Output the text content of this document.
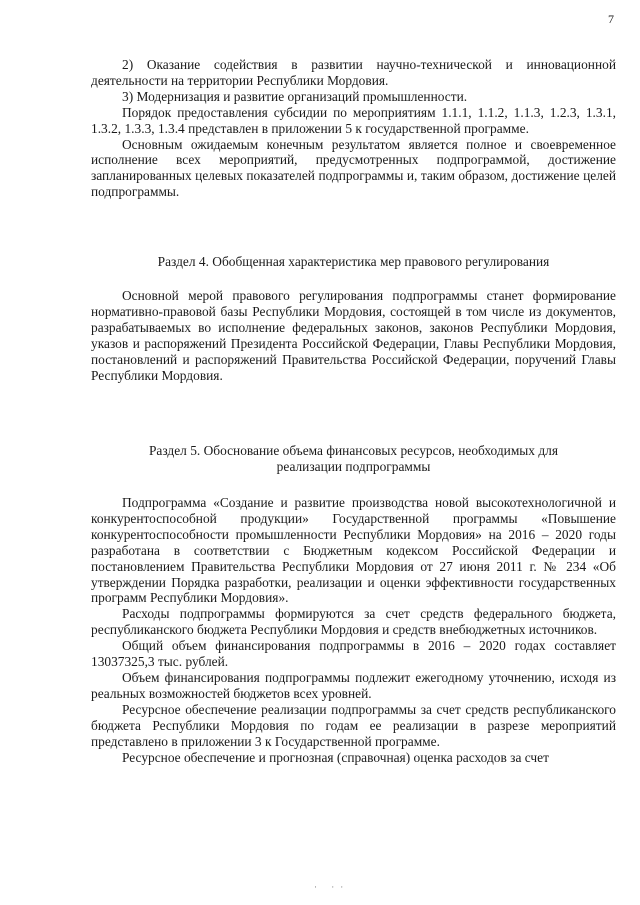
7

2) Оказание содействия в развитии научно-технической и инновационной деятельности на территории Республики Мордовия.

3) Модернизация и развитие организаций промышленности.

Порядок предоставления субсидии по мероприятиям 1.1.1, 1.1.2, 1.1.3, 1.2.3, 1.3.1, 1.3.2, 1.3.3, 1.3.4 представлен в приложении 5 к государственной программе.

Основным ожидаемым конечным результатом является полное и своевременное исполнение всех мероприятий, предусмотренных подпрограммой, достижение запланированных целевых показателей подпрограммы и, таким образом, достижение целей подпрограммы.

Раздел 4. Обобщенная характеристика мер правового регулирования

Основной мерой правового регулирования подпрограммы станет формирование нормативно-правовой базы Республики Мордовия, состоящей в том числе из документов, разрабатываемых во исполнение федеральных законов, законов Республики Мордовия, указов и распоряжений Президента Российской Федерации, Главы Республики Мордовия, постановлений и распоряжений Правительства Российской Федерации, поручений Главы Республики Мордовия.

Раздел 5. Обоснование объема финансовых ресурсов, необходимых для

реализации подпрограммы

Подпрограмма «Создание и развитие производства новой высокотехнологичной и конкурентоспособной продукции» Государственной программы «Повышение конкурентоспособности промышленности Республики Мордовия» на 2016 – 2020 годы разработана в соответствии с Бюджетным кодексом Российской Федерации и постановлением Правительства Республики Мордовия от 27 июня 2011 г. № 234 «Об утверждении Порядка разработки, реализации и оценки эффективности государственных программ Республики Мордовия».

Расходы подпрограммы формируются за счет средств федерального бюджета, республиканского бюджета Республики Мордовия и средств внебюджетных источников.

Общий объем финансирования подпрограммы в 2016 – 2020 годах составляет 13037325,3 тыс. рублей.

Объем финансирования подпрограммы подлежит ежегодному уточнению, исходя из реальных возможностей бюджетов всех уровней.

Ресурсное обеспечение реализации подпрограммы за счет средств республиканского бюджета Республики Мордовия по годам ее реализации в разрезе мероприятий представлено в приложении 3 к Государственной программе.

Ресурсное обеспечение и прогнозная (справочная) оценка расходов за счет

· ··
